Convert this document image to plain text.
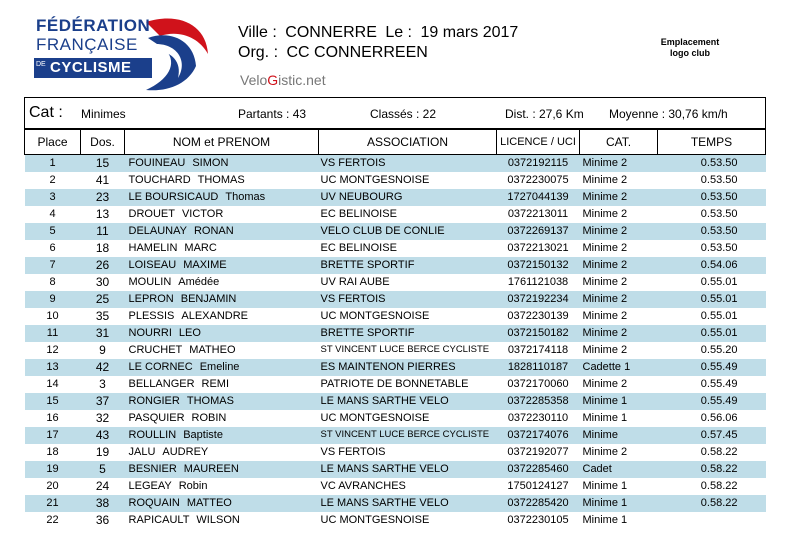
FÉDÉRATION
FRANÇAISE
DE CYCLISME
Ville : CONNERRE Le : 19 mars 2017
Org. : CC CONNERREEN
VeloGistic.net
Emplacement
logo club
Cat : Minimes	Partants : 43	Classés : 22	Dist. : 27,6 Km Moyenne : 30,76 km/h
Place	Dos.	NOM et PRENOM	ASSOCIATION	LICENCE / UCI	CAT.	TEMPS
1	15	FOUINEAU SIMON	VS FERTOIS	0372192115	Minime 2	0.53.50
2	41	TOUCHARD THOMAS	UC MONTGESNOISE	0372230075	Minime 2	0.53.50
3	23	LE BOURSICAUD Thomas	UV NEUBOURG	1727044139	Minime 2	0.53.50
4	13	DROUET VICTOR	EC BELINOISE	0372213011	Minime 2	0.53.50
5	11	DELAUNAY RONAN	VELO CLUB DE CONLIE	0372269137	Minime 2	0.53.50
6	18	HAMELIN MARC	EC BELINOISE	0372213021	Minime 2	0.53.50
7	26	LOISEAU MAXIME	BRETTE SPORTIF	0372150132	Minime 2	0.54.06
8	30	MOULIN Amédée	UV RAI AUBE	1761121038	Minime 2	0.55.01
9	25	LEPRON BENJAMIN	VS FERTOIS	0372192234	Minime 2	0.55.01
10	35	PLESSIS ALEXANDRE	UC MONTGESNOISE	0372230139	Minime 2	0.55.01
11	31	NOURRI LEO	BRETTE SPORTIF	0372150182	Minime 2	0.55.01
12	9	CRUCHET MATHEO	ST VINCENT LUCE BERCE CYCLISTE	0372174118	Minime 2	0.55.20
13	42	LE CORNEC Emeline	ES MAINTENON PIERRES	1828110187	Cadette 1	0.55.49
14	3	BELLANGER REMI	PATRIOTE DE BONNETABLE	0372170060	Minime 2	0.55.49
15	37	RONGIER THOMAS	LE MANS SARTHE VELO	0372285358	Minime 1	0.55.49
16	32	PASQUIER ROBIN	UC MONTGESNOISE	0372230110	Minime 1	0.56.06
17	43	ROULLIN Baptiste	ST VINCENT LUCE BERCE CYCLISTE	0372174076	Minime	0.57.45
18	19	JALU AUDREY	VS FERTOIS	0372192077	Minime 2	0.58.22
19	5	BESNIER MAUREEN	LE MANS SARTHE VELO	0372285460	Cadet	0.58.22
20	24	LEGEAY Robin	VC AVRANCHES	1750124127	Minime 1	0.58.22
21	38	ROQUAIN MATTEO	LE MANS SARTHE VELO	0372285420	Minime 1	0.58.22
22	36	RAPICAULT WILSON	UC MONTGESNOISE	0372230105	Minime 1	
